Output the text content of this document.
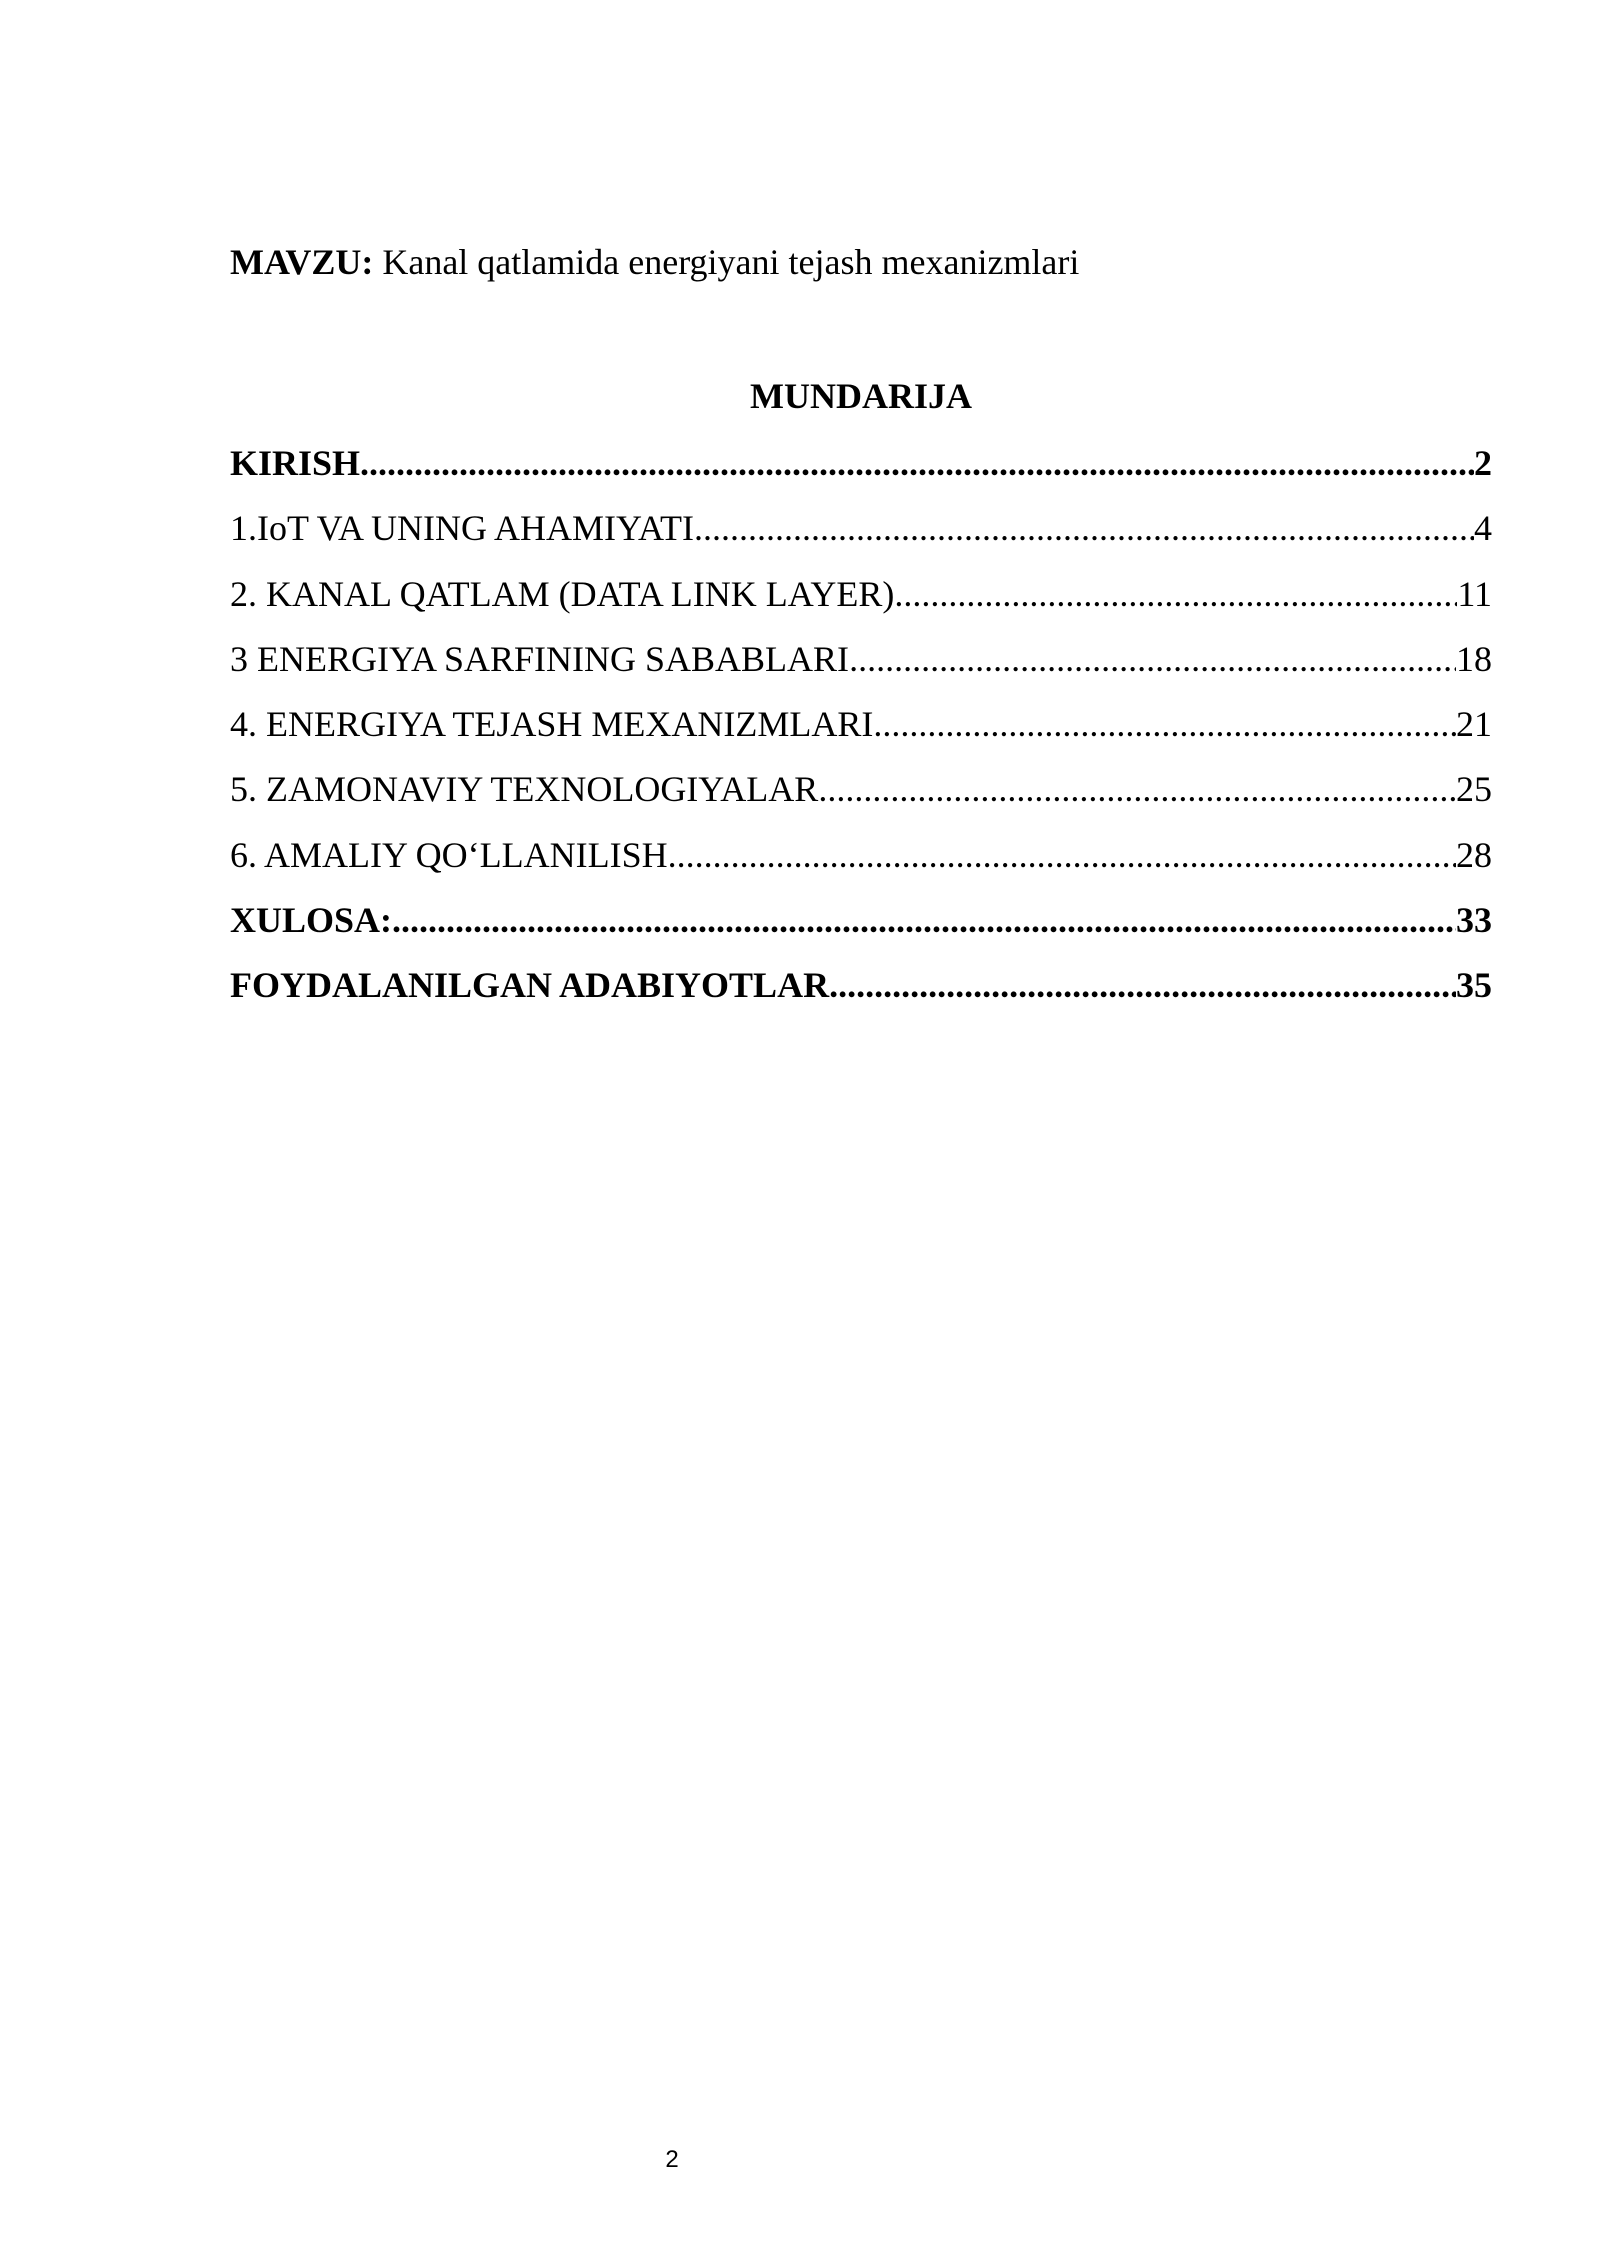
MAVZU: Kanal qatlamida energiyani tejash mexanizmlari
MUNDARIJA
KIRISH .....	2
1.IoT VA UNING AHAMIYATI .....	4
2. KANAL QATLAM (DATA LINK LAYER) .....	11
3 ENERGIYA SARFINING SABABLARI .....	18
4. ENERGIYA TEJASH MEXANIZMLARI .....	21
5. ZAMONAVIY TEXNOLOGIYALAR .....	25
6. AMALIY QO‘LLANILISH .....	28
XULOSA: .....	33
FOYDALANILGAN ADABIYOTLAR .....	35
2
